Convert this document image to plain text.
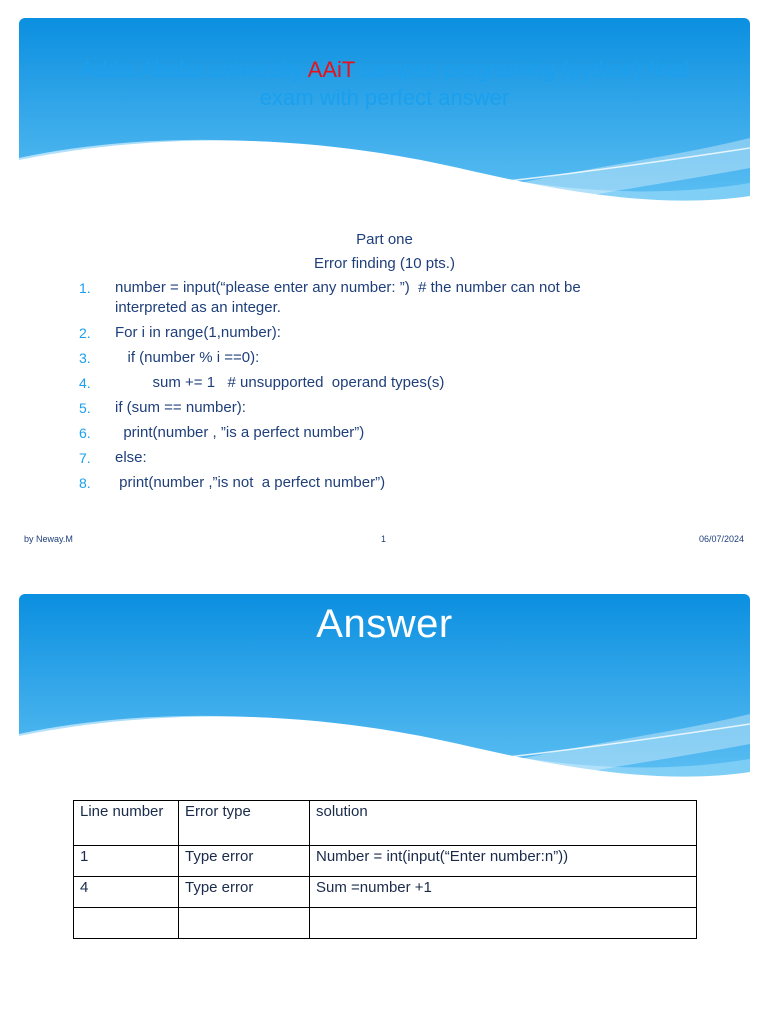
Addis Ababa university AAiT campus programing (python) final exam with perfect answer
Part one
Error finding (10 pts.)
1. number = input(“please enter any number: ”)  # the number can not be interpreted as an integer.
2. For i in range(1,number):
3. if (number % i ==0):
4. sum += 1   # unsupported  operand types(s)
5. if (sum == number):
6. print(number , ”is a perfect number”)
7. else:
8. print(number ,”is not  a perfect number”)
by Neway.M	1	06/07/2024
Answer
Line number	Error type	solution
1	Type error	Number = int(input(“Enter number:n”))
4	Type error	Sum =number +1
